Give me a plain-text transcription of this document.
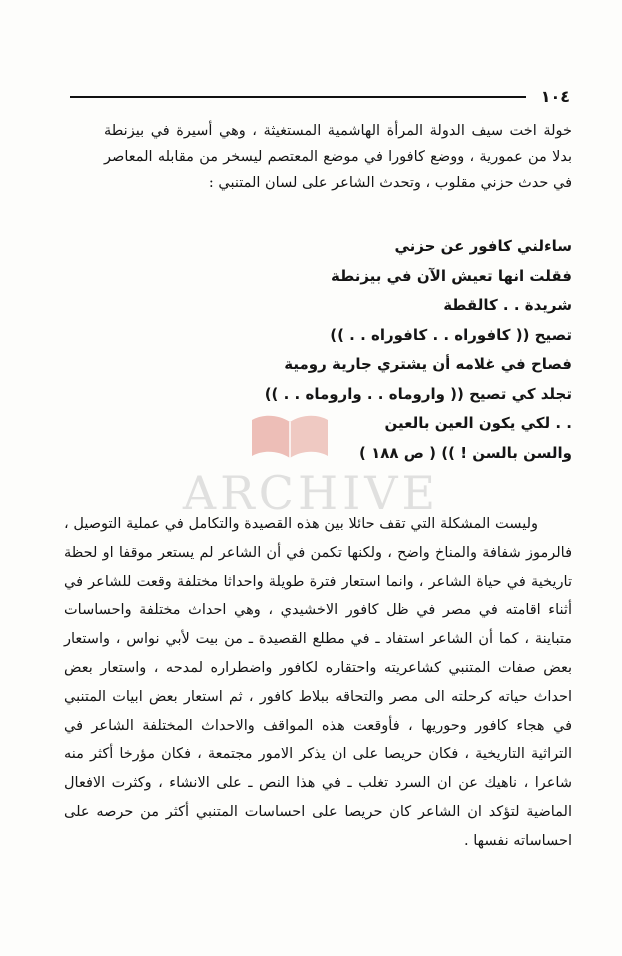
١٠٤

خولة اخت سيف الدولة المرأة الهاشمية المستغيثة ، وهي أسيرة في بيزنطة بدلا من عمورية ، ووضع كافورا في موضع المعتصم ليسخر من مقابله المعاصر في حدث حزني مقلوب ، وتحدث الشاعر على لسان المتنبي :

ساءلني كافور عن حزني
فقلت انها تعيش الآن في بيزنطة
شريدة . . كالقطة
تصيح (( كافوراه . . كافوراه . . ))
فصاح في غلامه أن يشتري جارية رومية
تجلد كي تصيح (( واروماه . . واروماه . . ))
. . لكي يكون العين بالعين
والسن بالسن ! )) ( ص ١٨٨ )
ARCHIVE

وليست المشكلة التي تقف حائلا بين هذه القصيدة والتكامل في عملية التوصيل ، فالرموز شفافة والمناخ واضح ، ولكنها تكمن في أن الشاعر لم يستعر موقفا او لحظة تاريخية في حياة الشاعر ، وانما استعار فترة طويلة واحداثا مختلفة وقعت للشاعر في أثناء اقامته في مصر في ظل كافور الاخشيدي ، وهي احداث مختلفة واحساسات متباينة ، كما أن الشاعر استفاد ـ في مطلع القصيدة ـ من بيت لأبي نواس ، واستعار بعض صفات المتنبي كشاعريته واحتقاره لكافور واضطراره لمدحه ، واستعار بعض احداث حياته كرحلته الى مصر والتحاقه ببلاط كافور ، ثم استعار بعض ابيات المتنبي في هجاء كافور وحوريها ، فأوقعت هذه المواقف والاحداث المختلفة الشاعر في التراثية التاريخية ، فكان حريصا على ان يذكر الامور مجتمعة ، فكان مؤرخا أكثر منه شاعرا ، ناهيك عن ان السرد تغلب ـ في هذا النص ـ على الانشاء ، وكثرت الافعال الماضية لتؤكد ان الشاعر كان حريصا على احساسات المتنبي أكثر من حرصه على احساساته نفسها .
